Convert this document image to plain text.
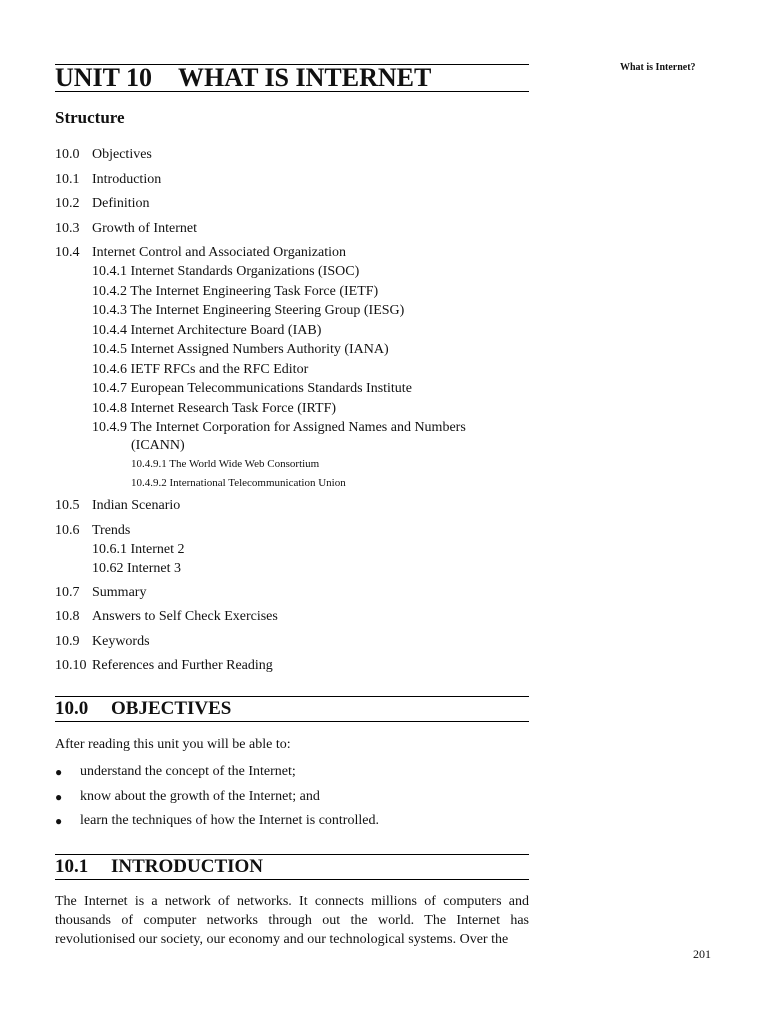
What is Internet?
UNIT 10 WHAT IS INTERNET
Structure
10.0 Objectives
10.1 Introduction
10.2 Definition
10.3 Growth of Internet
10.4 Internet Control and Associated Organization
10.4.1 Internet Standards Organizations (ISOC)
10.4.2 The Internet Engineering Task Force (IETF)
10.4.3 The Internet Engineering Steering Group (IESG)
10.4.4 Internet Architecture Board (IAB)
10.4.5 Internet Assigned Numbers Authority (IANA)
10.4.6 IETF RFCs and the RFC Editor
10.4.7 European Telecommunications Standards Institute
10.4.8 Internet Research Task Force (IRTF)
10.4.9 The Internet Corporation for Assigned Names and Numbers
(ICANN)
10.4.9.1 The World Wide Web Consortium
10.4.9.2 International Telecommunication Union
10.5 Indian Scenario
10.6 Trends
10.6.1 Internet 2
10.62 Internet 3
10.7 Summary
10.8 Answers to Self Check Exercises
10.9 Keywords
10.10 References and Further Reading
10.0 OBJECTIVES
After reading this unit you will be able to:
●	understand the concept of the Internet;
●	know about the growth of the Internet; and
●	learn the techniques of how the Internet is controlled.
10.1 INTRODUCTION
The Internet is a network of networks. It connects millions of computers and thousands of computer networks through out the world. The Internet has revolutionised our society, our economy and our technological systems. Over the
201
